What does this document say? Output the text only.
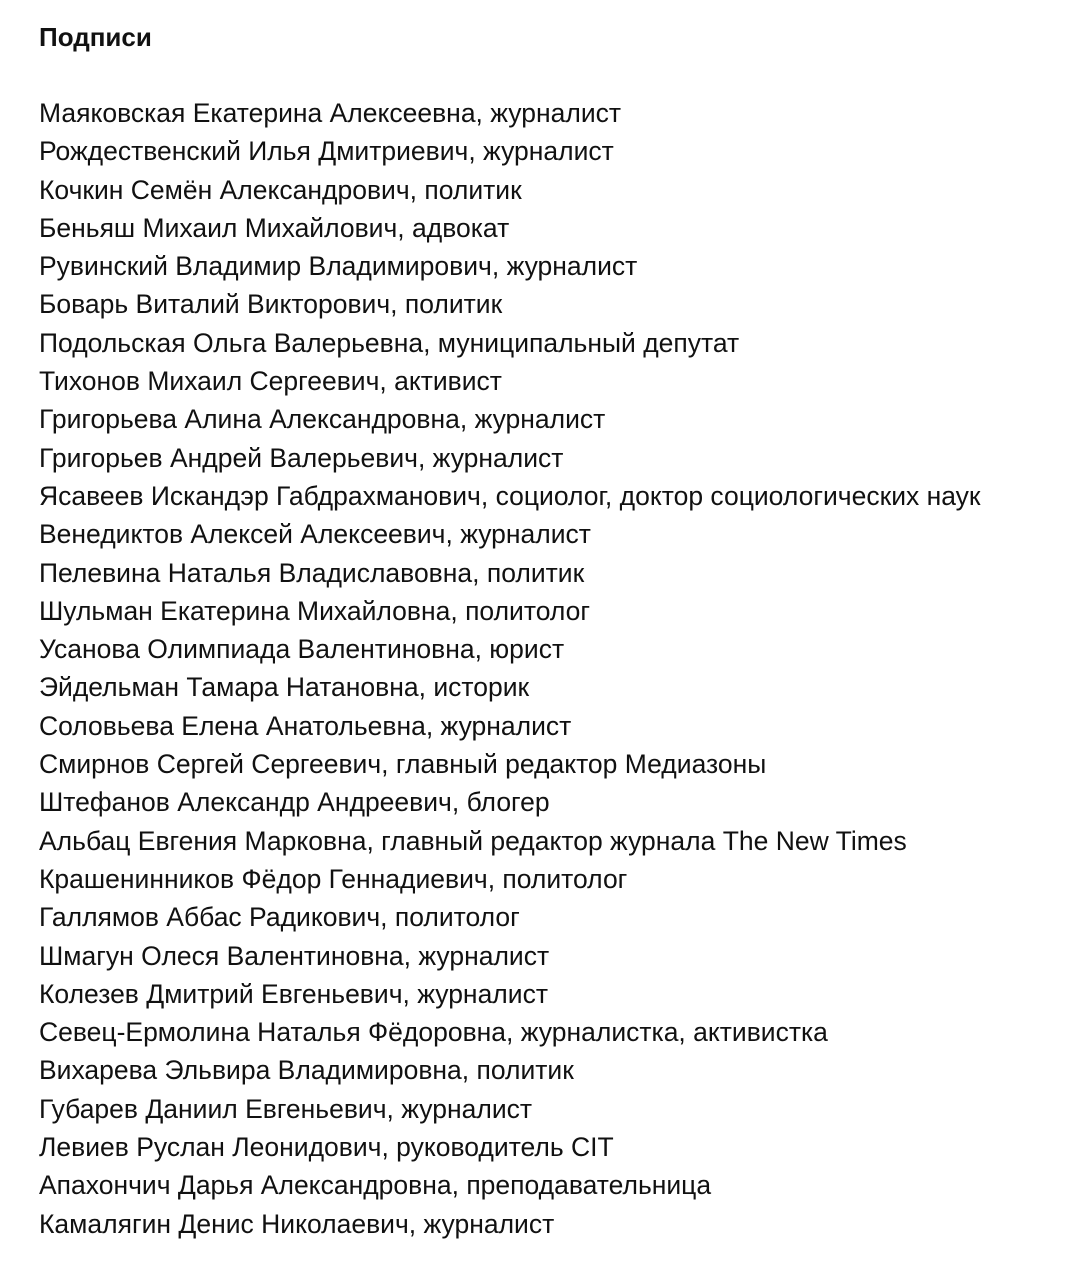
Подписи
Маяковская Екатерина Алексеевна, журналист
Рождественский Илья Дмитриевич, журналист
Кочкин Семён Александрович, политик
Беньяш Михаил Михайлович, адвокат
Рувинский Владимир Владимирович, журналист
Боварь Виталий Викторович, политик
Подольская Ольга Валерьевна, муниципальный депутат
Тихонов Михаил Сергеевич, активист
Григорьева Алина Александровна, журналист
Григорьев Андрей Валерьевич, журналист
Ясавеев Искандэр Габдрахманович, социолог, доктор социологических наук
Венедиктов Алексей Алексеевич, журналист
Пелевина Наталья Владиславовна, политик
Шульман Екатерина Михайловна, политолог
Усанова Олимпиада Валентиновна, юрист
Эйдельман Тамара Натановна, историк
Соловьева Елена Анатольевна, журналист
Смирнов Сергей Сергеевич, главный редактор Медиазоны
Штефанов Александр Андреевич, блогер
Альбац Евгения Марковна, главный редактор журнала The New Times
Крашенинников Фёдор Геннадиевич, политолог
Галлямов Аббас Радикович, политолог
Шмагун Олеся Валентиновна, журналист
Колезев Дмитрий Евгеньевич, журналист
Севец-Ермолина Наталья Фёдоровна, журналистка, активистка
Вихарева Эльвира Владимировна, политик
Губарев Даниил Евгеньевич, журналист
Левиев Руслан Леонидович, руководитель CIT
Апахончич Дарья Александровна, преподавательница
Камалягин Денис Николаевич, журналист
